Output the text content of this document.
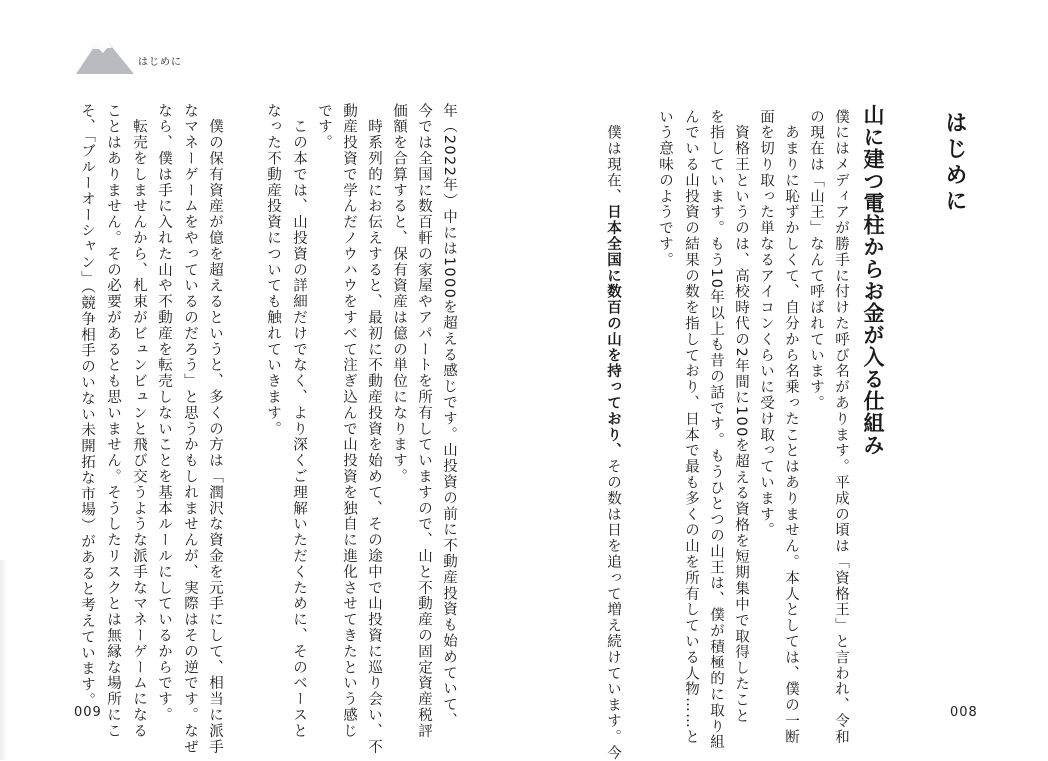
はじめに
はじめに
山に建つ電柱からお金が入る仕組み
僕にはメディアが勝手に付けた呼び名があります。平成の頃は「資格王」と言われ、令和
の現在は「山王」なんて呼ばれています。
　あまりに恥ずかしくて、自分から名乗ったことはありません。本人としては、僕の一断
面を切り取った単なるアイコンくらいに受け取っています。
　資格王というのは、高校時代の2年間に100を超える資格を短期集中で取得したこと
を指しています。もう10年以上も昔の話です。もうひとつの山王は、僕が積極的に取り組
んでいる山投資の結果の数を指しており、日本で最も多くの山を所有している人物……と
いう意味のようです。
　僕は現在、日本全国に数百の山を持っており、その数は日を追って増え続けています。今
年（2022年）中には1000を超える感じです。山投資の前に不動産投資も始めていて、
今では全国に数百軒の家屋やアパートを所有していますので、山と不動産の固定資産税評
価額を合算すると、保有資産は億の単位になります。
　時系列的にお伝えすると、最初に不動産投資を始めて、その途中で山投資に巡り会い、不
動産投資で学んだノウハウをすべて注ぎ込んで山投資を独自に進化させてきたという感じ
です。
　この本では、山投資の詳細だけでなく、より深くご理解いただくために、そのベースと
なった不動産投資についても触れていきます。
　僕の保有資産が億を超えるというと、多くの方は「潤沢な資金を元手にして、相当に派手
なマネーゲームをやっているのだろう」と思うかもしれませんが、実際はその逆です。なぜ
なら、僕は手に入れた山や不動産を転売しないことを基本ルールにしているからです。
　転売をしませんから、札束がビュンビュンと飛び交うような派手なマネーゲームになる
ことはありません。その必要があるとも思いません。そうしたリスクとは無縁な場所にこ
そ、「ブルーオーシャン」（競争相手のいない未開拓な市場）があると考えています。
009	008
